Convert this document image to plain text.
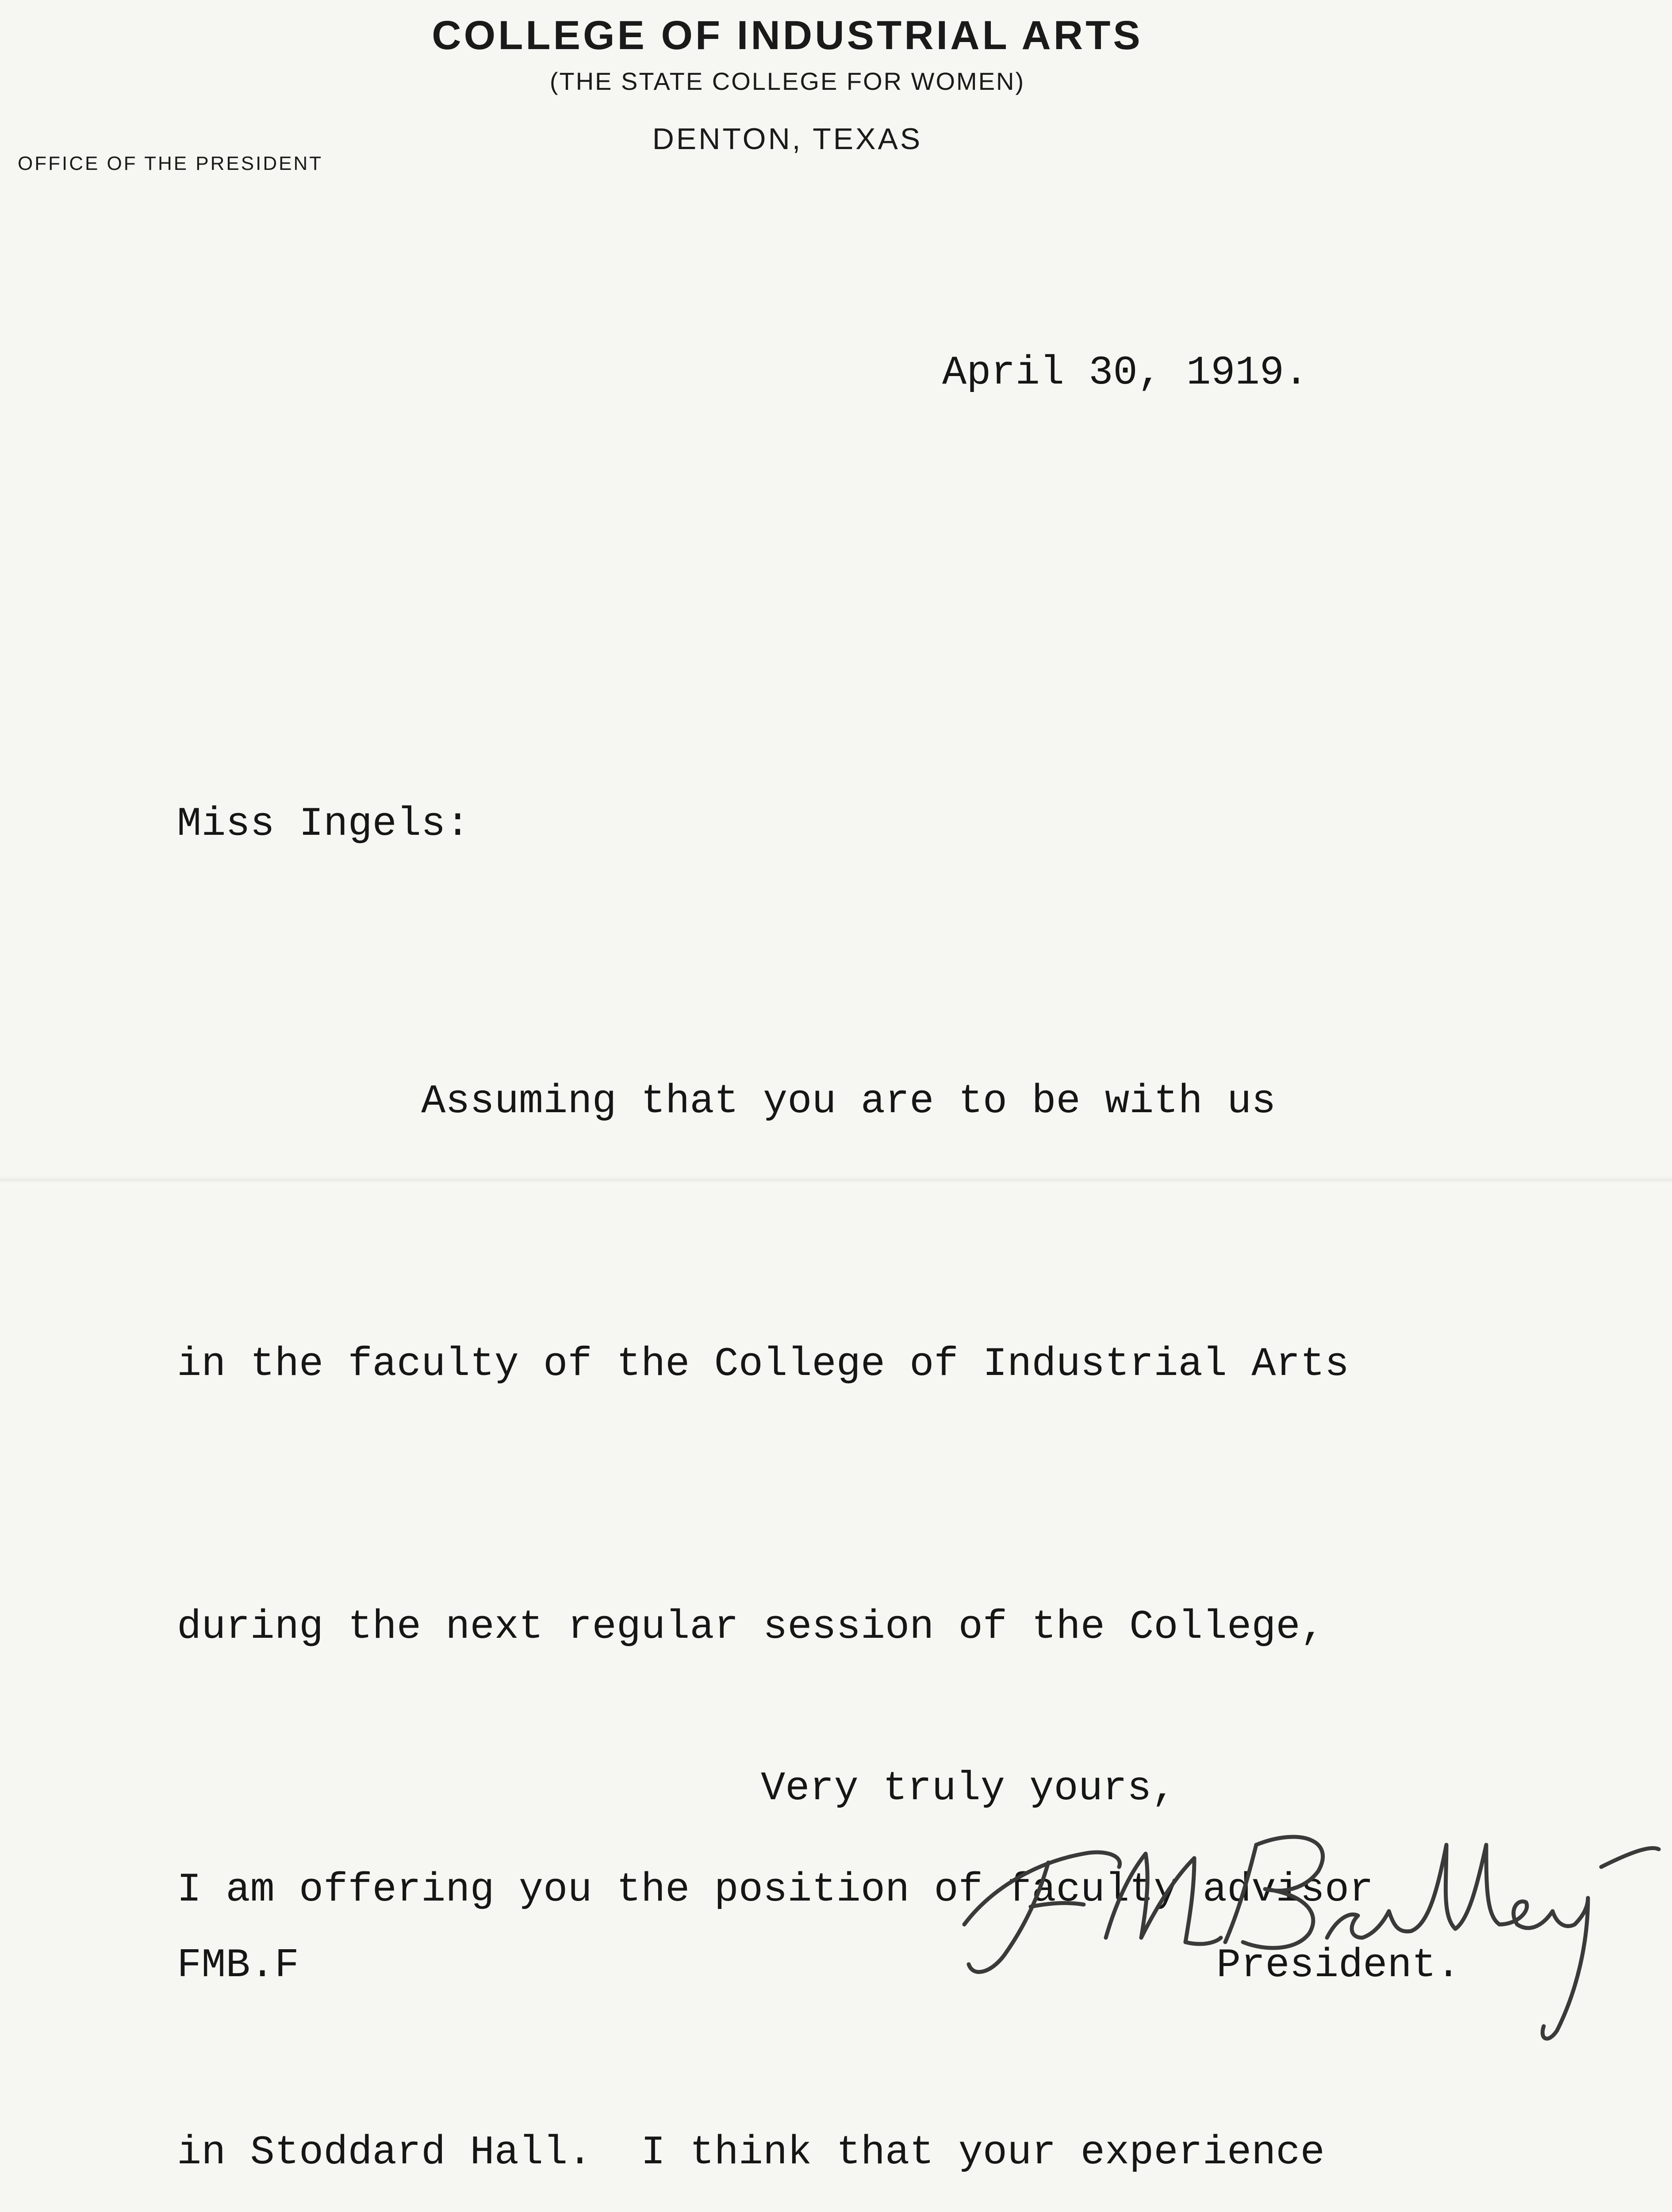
COLLEGE OF INDUSTRIAL ARTS
(THE STATE COLLEGE FOR WOMEN)
DENTON, TEXAS
OFFICE OF THE PRESIDENT
April 30, 1919.
Miss Ingels:

Assuming that you are to be with us

in the faculty of the College of Industrial Arts

during the next regular session of the College,

I am offering you the position of faculty advisor

in Stoddard Hall.  I think that your experience

Very truly yours,
FMB.F	President.
